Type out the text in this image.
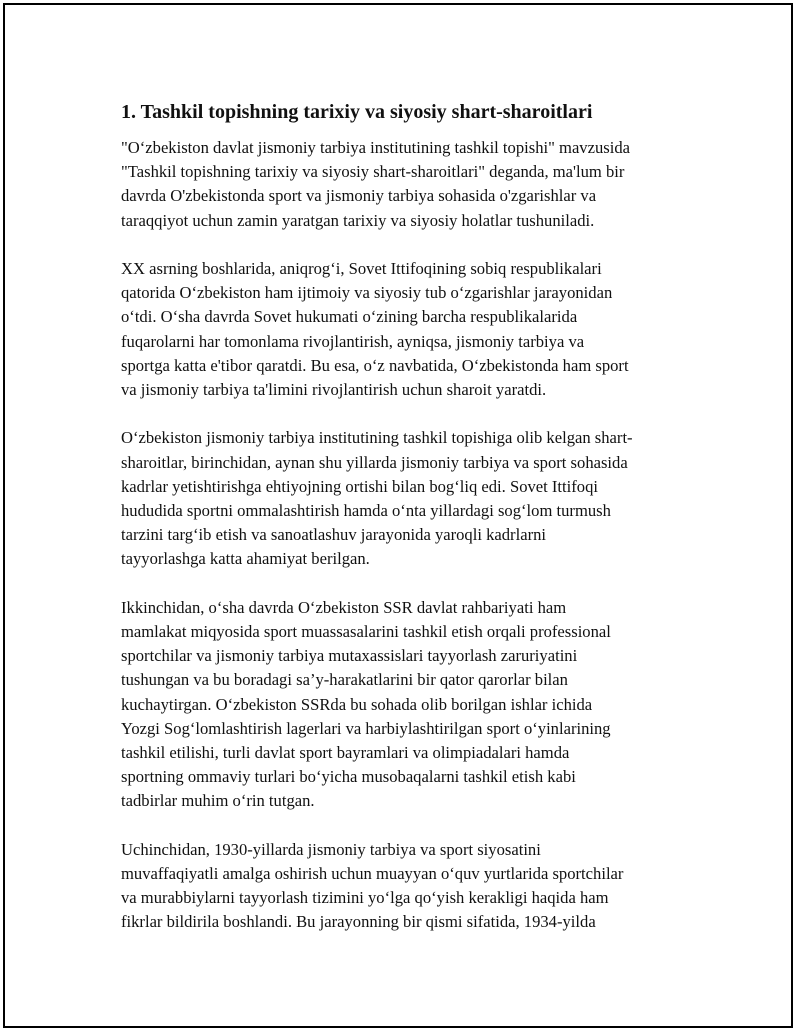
1. Tashkil topishning tarixiy va siyosiy shart-sharoitlari

"O‘zbekiston davlat jismoniy tarbiya institutining tashkil topishi" mavzusida
"Tashkil topishning tarixiy va siyosiy shart-sharoitlari" deganda, ma'lum bir
davrda O'zbekistonda sport va jismoniy tarbiya sohasida o'zgarishlar va
taraqqiyot uchun zamin yaratgan tarixiy va siyosiy holatlar tushuniladi.

XX asrning boshlarida, aniqrog‘i, Sovet Ittifoqining sobiq respublikalari
qatorida O‘zbekiston ham ijtimoiy va siyosiy tub o‘zgarishlar jarayonidan
o‘tdi. O‘sha davrda Sovet hukumati o‘zining barcha respublikalarida
fuqarolarni har tomonlama rivojlantirish, ayniqsa, jismoniy tarbiya va
sportga katta e'tibor qaratdi. Bu esa, o‘z navbatida, O‘zbekistonda ham sport
va jismoniy tarbiya ta'limini rivojlantirish uchun sharoit yaratdi.

O‘zbekiston jismoniy tarbiya institutining tashkil topishiga olib kelgan shart-
sharoitlar, birinchidan, aynan shu yillarda jismoniy tarbiya va sport sohasida
kadrlar yetishtirishga ehtiyojning ortishi bilan bog‘liq edi. Sovet Ittifoqi
hududida sportni ommalashtirish hamda o‘nta yillardagi sog‘lom turmush
tarzini targ‘ib etish va sanoatlashuv jarayonida yaroqli kadrlarni
tayyorlashga katta ahamiyat berilgan.

Ikkinchidan, o‘sha davrda O‘zbekiston SSR davlat rahbariyati ham
mamlakat miqyosida sport muassasalarini tashkil etish orqali professional
sportchilar va jismoniy tarbiya mutaxassislari tayyorlash zaruriyatini
tushungan va bu boradagi sa’y-harakatlarini bir qator qarorlar bilan
kuchaytirgan. O‘zbekiston SSRda bu sohada olib borilgan ishlar ichida
Yozgi Sog‘lomlashtirish lagerlari va harbiylashtirilgan sport o‘yinlarining
tashkil etilishi, turli davlat sport bayramlari va olimpiadalari hamda
sportning ommaviy turlari bo‘yicha musobaqalarni tashkil etish kabi
tadbirlar muhim o‘rin tutgan.

Uchinchidan, 1930-yillarda jismoniy tarbiya va sport siyosatini
muvaffaqiyatli amalga oshirish uchun muayyan o‘quv yurtlarida sportchilar
va murabbiylarni tayyorlash tizimini yo‘lga qo‘yish kerakligi haqida ham
fikrlar bildirila boshlandi. Bu jarayonning bir qismi sifatida, 1934-yilda
